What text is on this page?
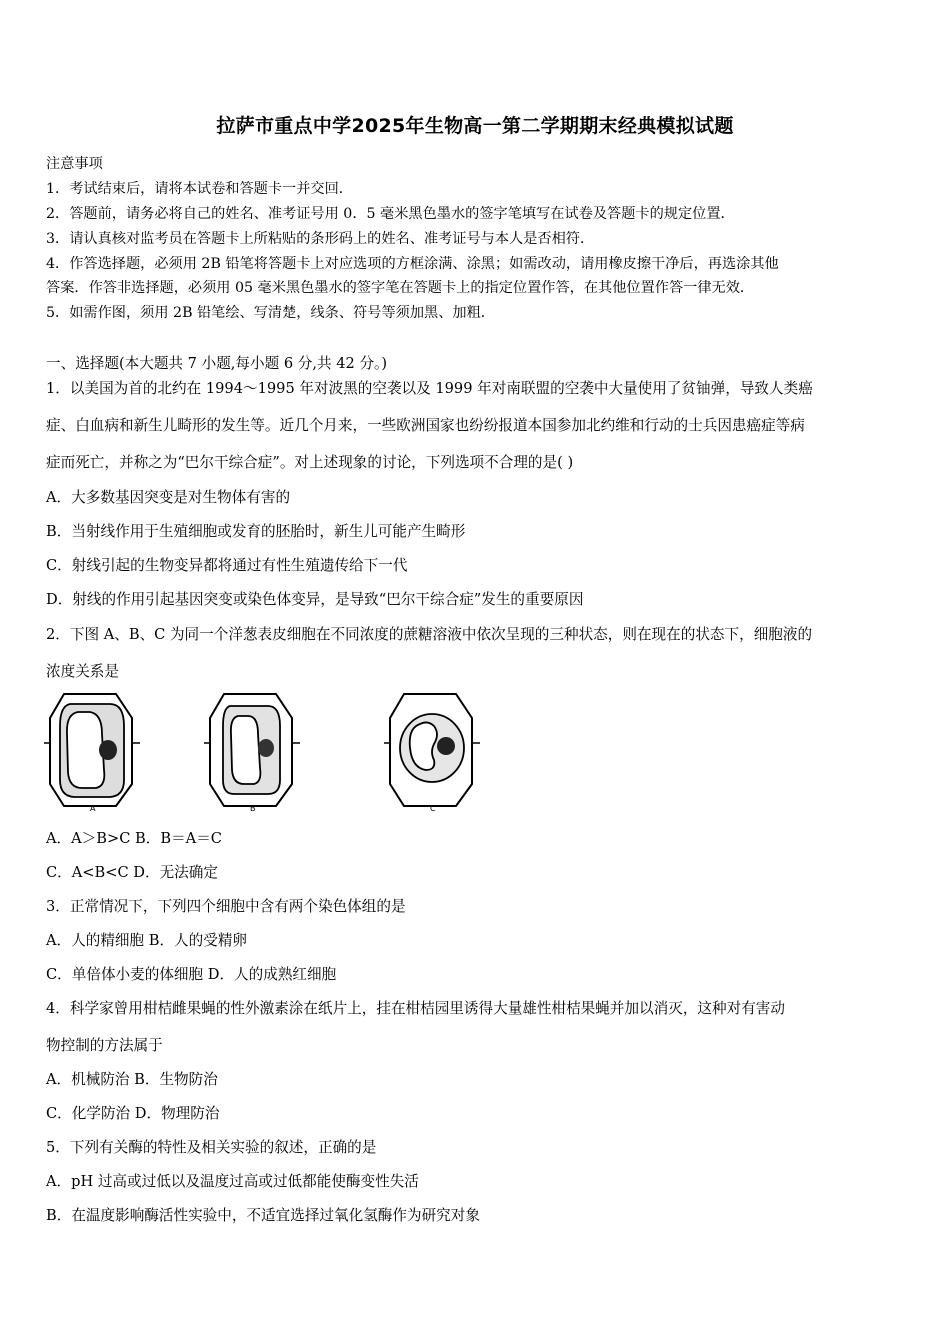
拉萨市重点中学2025年生物高一第二学期期末经典模拟试题
注意事项
1．考试结束后，请将本试卷和答题卡一并交回．
2．答题前，请务必将自己的姓名、准考证号用 0．5 毫米黑色墨水的签字笔填写在试卷及答题卡的规定位置．
3．请认真核对监考员在答题卡上所粘贴的条形码上的姓名、准考证号与本人是否相符．
4．作答选择题，必须用 2B 铅笔将答题卡上对应选项的方框涂满、涂黑；如需改动，请用橡皮擦干净后，再选涂其他
答案．作答非选择题，必须用 05 毫米黑色墨水的签字笔在答题卡上的指定位置作答，在其他位置作答一律无效．
5．如需作图，须用 2B 铅笔绘、写清楚，线条、符号等须加黑、加粗．
一、选择题(本大题共 7 小题,每小题 6 分,共 42 分。)
1．以美国为首的北约在 1994～1995 年对波黑的空袭以及 1999 年对南联盟的空袭中大量使用了贫铀弹，导致人类癌
症、白血病和新生儿畸形的发生等。近几个月来，一些欧洲国家也纷纷报道本国参加北约维和行动的士兵因患癌症等病
症而死亡，并称之为“巴尔干综合症”。对上述现象的讨论，下列选项不合理的是( )
A．大多数基因突变是对生物体有害的
B．当射线作用于生殖细胞或发育的胚胎时，新生儿可能产生畸形
C．射线引起的生物变异都将通过有性生殖遗传给下一代
D．射线的作用引起基因突变或染色体变异，是导致“巴尔干综合症”发生的重要原因
2．下图 A、B、C 为同一个洋葱表皮细胞在不同浓度的蔗糖溶液中依次呈现的三种状态，则在现在的状态下，细胞液的
浓度关系是
A	B	C
A．A＞B>C B．B＝A＝C
C．A<B<C D．无法确定
3．正常情况下，下列四个细胞中含有两个染色体组的是
A．人的精细胞 B．人的受精卵
C．单倍体小麦的体细胞 D．人的成熟红细胞
4．科学家曾用柑桔雌果蝇的性外激素涂在纸片上，挂在柑桔园里诱得大量雄性柑桔果蝇并加以消灭，这种对有害动
物控制的方法属于
A．机械防治 B．生物防治
C．化学防治 D．物理防治
5．下列有关酶的特性及相关实验的叙述，正确的是
A．pH 过高或过低以及温度过高或过低都能使酶变性失活
B．在温度影响酶活性实验中，不适宜选择过氧化氢酶作为研究对象
